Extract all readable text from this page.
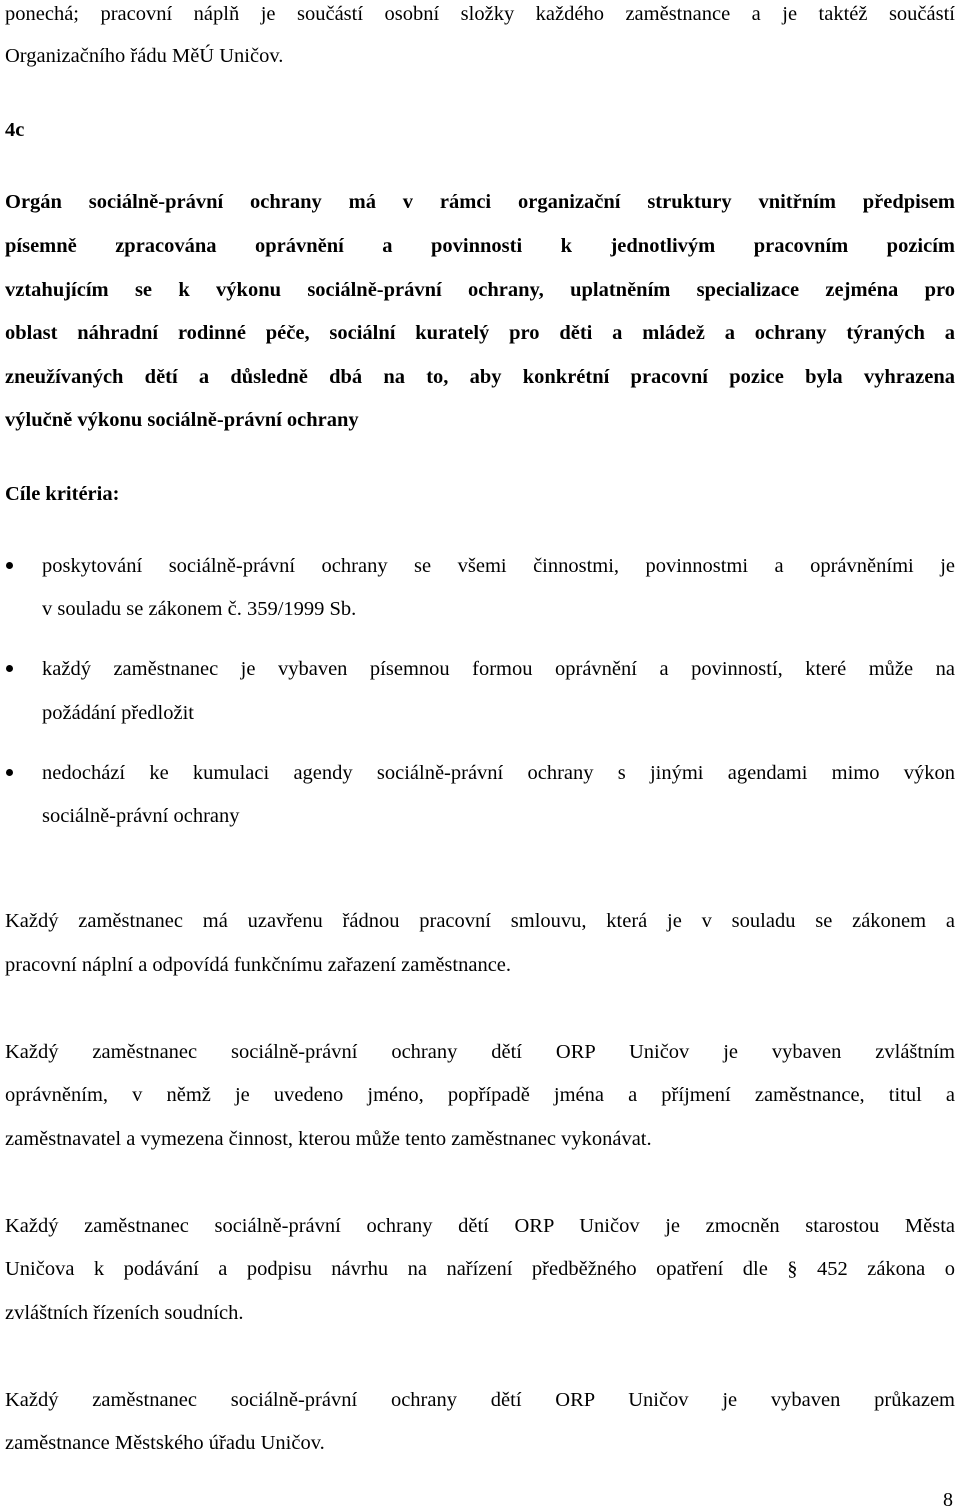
ponechá; pracovní náplň je součástí osobní složky každého zaměstnance a je taktéž součástí
Organizačního řádu MěÚ Uničov.
4c
Orgán sociálně-právní ochrany má v rámci organizační struktury vnitřním předpisem
písemně zpracována oprávnění a povinnosti k jednotlivým pracovním pozicím
vztahujícím se k výkonu sociálně-právní ochrany, uplatněním specializace zejména pro
oblast náhradní rodinné péče, sociální kuratelý pro děti a mládež a ochrany týraných a
zneužívaných dětí a důsledně dbá na to, aby konkrétní pracovní pozice byla vyhrazena
výlučně výkonu sociálně-právní ochrany
Cíle kritéria:
poskytování sociálně-právní ochrany se všemi činnostmi, povinnostmi a oprávněními je
v souladu se zákonem č. 359/1999 Sb.
každý zaměstnanec je vybaven písemnou formou oprávnění a povinností, které může na
požádání předložit
nedochází ke kumulaci agendy sociálně-právní ochrany s jinými agendami mimo výkon
sociálně-právní ochrany
Každý zaměstnanec má uzavřenu řádnou pracovní smlouvu, která je v souladu se zákonem a
pracovní náplní a odpovídá funkčnímu zařazení zaměstnance.
Každý zaměstnanec sociálně-právní ochrany dětí ORP Uničov je vybaven zvláštním
oprávněním, v němž je uvedeno jméno, popřípadě jména a příjmení zaměstnance, titul a
zaměstnavatel a vymezena činnost, kterou může tento zaměstnanec vykonávat.
Každý zaměstnanec sociálně-právní ochrany dětí ORP Uničov je zmocněn starostou Města
Uničova k podávání a podpisu návrhu na nařízení předběžného opatření dle § 452 zákona o
zvláštních řízeních soudních.
Každý zaměstnanec sociálně-právní ochrany dětí ORP Uničov je vybaven průkazem
zaměstnance Městského úřadu Uničov.
8
